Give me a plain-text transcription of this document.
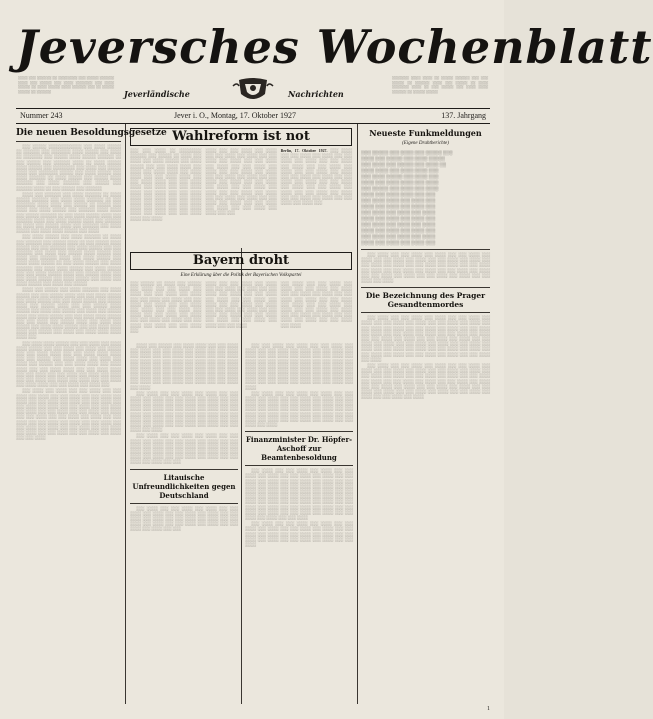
Jeversches Wochenblatt
░░░░ ░░░ ░░░░░░ ░░ ░░░░░░░░ ░░░ ░░░░░ ░░░░░░ ░░░░ ░░░ ░░░░░ ░░░ ░░░░ ░░░░░░░ ░░░ ░░░░ ░░░░░ ░░ ░░░░ ░░░░░ ░░░░ ░░░░░░ ░░░ ░░ ░░░░░ ░░░░░ ░░ ░░░░░░
░░░░░░░ ░░░░ ░░░░ ░░ ░░░░░ ░░░░░░ ░░░ ░░░ ░░░░░ ░░ ░░░░░░ ░░░░ ░░░ ░░░░░ ░░ ░░░░ ░░░░░░░ ░░░░ ░░ ░░░ ░░░░░ ░░░ ░░░░ ░░░░ ░░░░░░ ░░ ░░░░░ ░░░░░
Jeverländische	Nachrichten
Nummer 243	Jever i. O., Montag, 17. Oktober 1927	137. Jahrgang
Die neuen Besoldungsgesetze

░░░ ░░░░░ ░░░░░░░░░░░░ ░░░ ░░░░ ░░░░░ ░░ ░░░░░░ ░░░ ░░░░░░░ ░░░░ ░░░░░ ░░░ ░░░░ ░░ ░░░░░░░ ░░░ ░░░░░ ░░░░ ░░░░░ ░░░░░░ ░░ ░░░ ░░░░░ ░░░ ░░░░░░ ░░░░ ░░ ░░░░ ░░░░░ ░░░░ ░░░░░ ░░░ ░░░░░░░░ ░░░ ░░░░ ░░░ ░░░░░ ░░░░ ░░░ ░░░░░░░ ░░░░░ ░░░ ░░░░ ░░░░░ ░░░ ░░░░ ░░░░░░ ░░ ░░░░ ░░░░░ ░░░ ░░░░░ ░░░░ ░░░░░░ ░░░ ░░░░ ░░░░░░ ░░░ ░░░░░ ░░░ ░░░░░░ ░░░░ ░░ ░░░ ░░░░░ ░░░ ░░░░░░

░░░░ ░░░ ░░░░░░ ░░░ ░░░░ ░░░░░░ ░░ ░░░░ ░░░░░ ░░░░░░ ░░░ ░░░░ ░░░░ ░░░░░░ ░░ ░░░ ░░░░░░░ ░░░░ ░░░░ ░░░ ░░░░░ ░░ ░░░░░ ░░░ ░░░░ ░░░ ░░░░ ░░░░░ ░░░ ░░░░░░ ░░░░ ░░░░ ░░░ ░░░░░ ░░░░░░ ░░ ░░░ ░░░░ ░░░░░ ░░░░ ░░░ ░░░░░░ ░░░░ ░░░ ░░░░ ░░░░░ ░░░░ ░░░ ░░░░░░ ░░ ░░░░ ░░░ ░░░░░ ░░░░ ░░░ ░░░░░░ ░░░ ░░░░ ░░░░░ ░░░ ░░░░ ░░░░ ░░░░░ ░░░ ░░░░

░░░ ░░░░ ░░░░░ ░░░ ░░░░ ░░░░░░ ░░ ░░░░ ░░░ ░░░░░░ ░░░ ░░░░░ ░░░░ ░░ ░░░ ░░░░░ ░░░░ ░░░░░ ░░░ ░░░ ░░░░░░ ░░░ ░░░░ ░░░░░ ░░░ ░░░ ░░░░░░ ░░░ ░░░░ ░░░ ░░░░░ ░░░░ ░░░░░ ░░░ ░░░░ ░░░ ░░░░░░ ░░░░ ░░░ ░░░░ ░░░░░ ░░░ ░░░░ ░░░░ ░░░░░ ░░ ░░░ ░░░░ ░░░░░ ░░░ ░░░░ ░░░░░░ ░░░ ░░░░ ░░░░ ░░░░░ ░░░ ░░░░ ░░░░░ ░░░ ░░░ ░░░░ ░░░░░ ░░░░ ░░░ ░░░░░ ░░░░ ░░░ ░░░ ░░░░ ░░░░░ ░░░ ░░░░ ░░░░░ ░░░ ░░░░ ░░░ ░░░░ ░░░░░ ░░░ ░░░░ ░░░ ░░░░░

░░░░ ░░░ ░░░░░ ░░░ ░░░░ ░░░░░░ ░░░ ░░░░ ░░░░░ ░░░ ░░░ ░░░░░ ░░░░ ░░░ ░░░ ░░░░ ░░░░░ ░░░ ░░░░ ░░░░░ ░░░ ░░░ ░░░░ ░░░░░ ░░░ ░░░░░ ░░░░ ░░░ ░░░░░ ░░░░ ░░░ ░░░ ░░░░░ ░░░░ ░░░░░ ░░░ ░░░░ ░░░ ░░░░░ ░░░ ░░░░ ░░░ ░░░░░ ░░░░ ░░░ ░░░░ ░░░░░ ░░░ ░░░ ░░░░ ░░░░ ░░░░░ ░░░ ░░░ ░░░░ ░░░ ░░░░░ ░░░░ ░░░ ░░░░ ░░░ ░░░░░ ░░░ ░░░░ ░░░░ ░░░░░ ░░░ ░░░ ░░░░ ░░░░ ░░░░ ░░░ ░░░░░ ░░░ ░░░░ ░░░ ░░░░ ░░░░ ░░░░ ░░░░ ░░░

░░░ ░░░░ ░░░░ ░░░░░ ░░░ ░░░ ░░░░ ░░░ ░░░░ ░░░░ ░░░░░ ░░░ ░░░ ░░░░ ░░░ ░░░░ ░░░ ░░░░░ ░░░ ░░░ ░░░░ ░░░░ ░░░ ░░░ ░░░░ ░░░░ ░░░░ ░░░ ░░░ ░░░░░ ░░░ ░░░░ ░░░░ ░░░ ░░░░ ░░░ ░░░░ ░░░ ░░░░░ ░░░ ░░░ ░░░░ ░░░░ ░░░ ░░░░ ░░░░ ░░░ ░░░ ░░░░ ░░░░ ░░░ ░░░ ░░░░ ░░░░ ░░░ ░░░ ░░░░ ░░░ ░░░ ░░░░ ░░░ ░░░░ ░░░ ░░░░ ░░░ ░░░ ░░░░ ░░░ ░░░░ ░░░ ░░░░ ░░░ ░░░ ░░░░ ░░░ ░░░░ ░░░░ ░░░ ░░░ ░░░░ ░░░ ░░░░ ░░░

░░░ ░░░░ ░░░ ░░░░ ░░░ ░░░ ░░░░ ░░░ ░░░ ░░░░ ░░░ ░░░░ ░░░ ░░░ ░░░░ ░░░ ░░░ ░░░░ ░░░ ░░░░ ░░░ ░░░ ░░░░ ░░░ ░░░░ ░░░ ░░░ ░░░░ ░░░ ░░░ ░░░░ ░░░ ░░░░ ░░░ ░░░ ░░░░ ░░░ ░░░ ░░░░ ░░░ ░░░░ ░░░ ░░░ ░░░░ ░░░ ░░░ ░░░░ ░░░ ░░░░ ░░░ ░░░ ░░░░ ░░░ ░░░ ░░░░ ░░░ ░░░░ ░░░ ░░░ ░░░░ ░░░ ░░░ ░░░░ ░░░ ░░░░ ░░░ ░░░ ░░░░ ░░░ ░░░ ░░░░ ░░░ ░░░░ ░░░ ░░░ ░░░░ ░░░ ░░░ ░░░░ ░░░ ░░░░ ░░░ ░░░ ░░░░ ░░░ ░░░ ░░░░ ░░░ ░░░░ ░░░ ░░░ ░░░░

Wahlreform ist not

░░░ ░░░ ░░░░ ░░ ░░░░░░░░ ░░░░░░ ░░░ ░░░░░ ░░ ░░░░ ░░░ ░░░░ ░░░ ░░░░ ░░░░░ ░░░ ░░░░ ░░░░░ ░░░ ░░░ ░░░░ ░░░░ ░░░ ░░░░ ░░░ ░░░░ ░░░░ ░░░ ░░░░ ░░░░ ░░░ ░░░ ░░░░ ░░░░ ░░░ ░░░ ░░░░ ░░░░ ░░░ ░░░ ░░░░ ░░░░ ░░░ ░░░░ ░░░ ░░░ ░░░░ ░░░░ ░░░ ░░░░ ░░░ ░░░ ░░░░ ░░░░ ░░░ ░░░░ ░░░ ░░░ ░░░░ ░░░░ ░░░ ░░░░ ░░░ ░░░ ░░░░ ░░░░ ░░░ ░░░░ ░░░ ░░░ ░░░░ ░░░░ ░░░ ░░░░ ░░░ ░░░ ░░░░ ░░░░ ░░░ ░░░░

░░░░ ░░░ ░░░ ░░░░ ░░░ ░░░░ ░░░ ░░░ ░░░░ ░░░ ░░░░ ░░░ ░░░ ░░░░ ░░░ ░░░░ ░░░ ░░░ ░░░░ ░░░ ░░░░ ░░░ ░░░ ░░░░ ░░░ ░░░░ ░░░ ░░░ ░░░░ ░░░ ░░░░ ░░░ ░░░ ░░░░ ░░░ ░░░░ ░░░ ░░░ ░░░░ ░░░ ░░░░ ░░░ ░░░ ░░░░ ░░░ ░░░░ ░░░ ░░░ ░░░░ ░░░ ░░░░ ░░░ ░░░ ░░░░ ░░░ ░░░░ ░░░ ░░░ ░░░░ ░░░ ░░░░ ░░░ ░░░ ░░░░ ░░░ ░░░░ ░░░ ░░░ ░░░░ ░░░ ░░░░ ░░░ ░░░ ░░░░ ░░░ ░░░░ ░░░ ░░░

Berlin, 17. Oktober 1927. ░░░ ░░░░ ░░░ ░░░ ░░░░ ░░░ ░░░░ ░░░ ░░░ ░░░░ ░░░ ░░░░ ░░░ ░░░ ░░░░ ░░░ ░░░░ ░░░ ░░░ ░░░░ ░░░ ░░░░ ░░░ ░░░ ░░░░ ░░░ ░░░░ ░░░ ░░░ ░░░░ ░░░ ░░░░ ░░░ ░░░ ░░░░ ░░░ ░░░░ ░░░ ░░░ ░░░░ ░░░ ░░░░ ░░░ ░░░ ░░░░ ░░░ ░░░░ ░░░ ░░░ ░░░░ ░░░ ░░░░ ░░░ ░░░ ░░░░ ░░░ ░░░░ ░░░ ░░░ ░░░░ ░░░ ░░░░ ░░░

Bayern droht
Eine Erklärung über die Politik der Bayerischen Volkspartei

░░░ ░░░░░ ░░ ░░░░ ░░░ ░░░░░ ░░░ ░░░░ ░░░ ░░░ ░░░░ ░░░ ░░░░ ░░░ ░░░ ░░░░ ░░░ ░░░░ ░░░ ░░░ ░░░░ ░░░ ░░░░ ░░░ ░░░ ░░░░ ░░░ ░░░░ ░░░ ░░░ ░░░░ ░░░ ░░░░ ░░░ ░░░ ░░░░ ░░░ ░░░░ ░░░ ░░░ ░░░░ ░░░ ░░░░ ░░░ ░░░ ░░░░ ░░░ ░░░░ ░░░ ░░░ ░░░░ ░░░ ░░░░ ░░░ ░░░ ░░░░ ░░░

░░░░ ░░░ ░░░ ░░░░ ░░░ ░░░░ ░░░ ░░░ ░░░░ ░░░ ░░░░ ░░░ ░░░ ░░░░ ░░░ ░░░░ ░░░ ░░░ ░░░░ ░░░ ░░░░ ░░░ ░░░ ░░░░ ░░░ ░░░░ ░░░ ░░░ ░░░░ ░░░ ░░░░ ░░░ ░░░ ░░░░ ░░░ ░░░░ ░░░ ░░░ ░░░░ ░░░ ░░░░ ░░░ ░░░ ░░░░ ░░░ ░░░░ ░░░ ░░░ ░░░░ ░░░ ░░░░ ░░░ ░░░ ░░░░

░░░ ░░░░ ░░░ ░░░ ░░░░ ░░░ ░░░░ ░░░ ░░░ ░░░░ ░░░ ░░░░ ░░░ ░░░ ░░░░ ░░░ ░░░░ ░░░ ░░░ ░░░░ ░░░ ░░░░ ░░░ ░░░ ░░░░ ░░░ ░░░░ ░░░ ░░░ ░░░░ ░░░ ░░░░ ░░░ ░░░ ░░░░ ░░░ ░░░░ ░░░ ░░░ ░░░░ ░░░ ░░░░ ░░░ ░░░ ░░░░ ░░░ ░░░░ ░░░ ░░░ ░░░░ ░░░ ░░░░

░░░░ ░░░ ░░░░░ ░░░ ░░░░ ░░░░ ░░░ ░░░ ░░░░ ░░░ ░░░░ ░░░ ░░░ ░░░░ ░░░ ░░░░ ░░░ ░░░ ░░░░ ░░░ ░░░░ ░░░ ░░░ ░░░░ ░░░ ░░░░ ░░░ ░░░ ░░░░ ░░░ ░░░░ ░░░ ░░░ ░░░░ ░░░ ░░░░ ░░░ ░░░ ░░░░ ░░░ ░░░░ ░░░ ░░░ ░░░░ ░░░ ░░░░ ░░░ ░░░ ░░░░ ░░░ ░░░░ ░░░ ░░░ ░░░░ ░░░ ░░░░ ░░░ ░░░ ░░░░ ░░░ ░░░░ ░░░ ░░░ ░░░░ ░░░ ░░░░ ░░░ ░░░ ░░░░ ░░░ ░░░░ ░░░ ░░░ ░░░░ ░░░ ░░░░ ░░░ ░░░ ░░░░ ░░░ ░░░░

░░░ ░░░░ ░░░ ░░░ ░░░░ ░░░ ░░░░ ░░░ ░░░ ░░░░ ░░░ ░░░░ ░░░ ░░░ ░░░░ ░░░ ░░░░ ░░░ ░░░ ░░░░ ░░░ ░░░░ ░░░ ░░░ ░░░░ ░░░ ░░░░ ░░░ ░░░ ░░░░ ░░░ ░░░░ ░░░ ░░░ ░░░░ ░░░ ░░░░ ░░░ ░░░ ░░░░ ░░░ ░░░░ ░░░ ░░░ ░░░░ ░░░ ░░░░ ░░░ ░░░ ░░░░ ░░░ ░░░░ ░░░ ░░░ ░░░░ ░░░ ░░░░ ░░░ ░░░ ░░░░ ░░░ ░░░░ ░░░ ░░░ ░░░░ ░░░ ░░░░ ░░░ ░░░ ░░░░ ░░░ ░░░░

░░░ ░░░░ ░░░ ░░░ ░░░░ ░░░ ░░░░ ░░░ ░░░ ░░░░ ░░░ ░░░░ ░░░ ░░░ ░░░░ ░░░ ░░░░ ░░░ ░░░ ░░░░ ░░░ ░░░░ ░░░ ░░░ ░░░░ ░░░ ░░░░ ░░░ ░░░ ░░░░ ░░░ ░░░░ ░░░ ░░░ ░░░░ ░░░ ░░░░ ░░░ ░░░ ░░░░ ░░░ ░░░░ ░░░ ░░░ ░░░░ ░░░ ░░░░ ░░░ ░░░ ░░░░ ░░░ ░░░░ ░░░ ░░░

Litauische Unfreundlichkeiten gegen Deutschland

░░░ ░░░░ ░░░ ░░░ ░░░░ ░░░ ░░░░ ░░░ ░░░ ░░░░ ░░░ ░░░░ ░░░ ░░░ ░░░░ ░░░ ░░░░ ░░░ ░░░ ░░░░ ░░░ ░░░░ ░░░ ░░░ ░░░░ ░░░ ░░░░ ░░░ ░░░ ░░░░ ░░░ ░░░░ ░░░ ░░░ ░░░░ ░░░ ░░░░ ░░░ ░░░ ░░░░ ░░░ ░░░░ ░░░ ░░░

░░░ ░░░ ░░░░ ░░░ ░░░░ ░░░ ░░░ ░░░░ ░░░ ░░░░ ░░░ ░░░ ░░░░ ░░░ ░░░░ ░░░ ░░░ ░░░░ ░░░ ░░░░ ░░░ ░░░ ░░░░ ░░░ ░░░░ ░░░ ░░░ ░░░░ ░░░ ░░░░ ░░░ ░░░ ░░░░ ░░░ ░░░░ ░░░ ░░░ ░░░░ ░░░ ░░░░ ░░░ ░░░ ░░░░ ░░░ ░░░░ ░░░ ░░░ ░░░░ ░░░ ░░░░ ░░░ ░░░ ░░░░ ░░░ ░░░░ ░░░ ░░░ ░░░░ ░░░ ░░░░ ░░░ ░░░ ░░░░ ░░░ ░░░░ ░░░ ░░░ ░░░░ ░░░ ░░░░ ░░░ ░░░ ░░░░ ░░░ ░░░░ ░░░ ░░░ ░░░░ ░░░ ░░░░

░░░ ░░░░ ░░░ ░░░ ░░░░ ░░░ ░░░░ ░░░ ░░░ ░░░░ ░░░ ░░░░ ░░░ ░░░ ░░░░ ░░░ ░░░░ ░░░ ░░░ ░░░░ ░░░ ░░░░ ░░░ ░░░ ░░░░ ░░░ ░░░░ ░░░ ░░░ ░░░░ ░░░ ░░░░ ░░░ ░░░ ░░░░ ░░░ ░░░░ ░░░ ░░░ ░░░░ ░░░ ░░░░ ░░░ ░░░ ░░░░ ░░░ ░░░░ ░░░ ░░░ ░░░░ ░░░ ░░░░ ░░░ ░░░ ░░░░ ░░░ ░░░░ ░░░ ░░░ ░░░░ ░░░ ░░░░

Finanzminister Dr. Höpfer-Aschoff zur Beamtenbesoldung

░░░ ░░░░ ░░░ ░░░ ░░░░ ░░░ ░░░░ ░░░ ░░░ ░░░░ ░░░ ░░░░ ░░░ ░░░ ░░░░ ░░░ ░░░░ ░░░ ░░░ ░░░░ ░░░ ░░░░ ░░░ ░░░ ░░░░ ░░░ ░░░░ ░░░ ░░░ ░░░░ ░░░ ░░░░ ░░░ ░░░ ░░░░ ░░░ ░░░░ ░░░ ░░░ ░░░░ ░░░ ░░░░ ░░░ ░░░ ░░░░ ░░░ ░░░░ ░░░ ░░░ ░░░░ ░░░ ░░░░ ░░░ ░░░ ░░░░ ░░░ ░░░░ ░░░ ░░░ ░░░░ ░░░ ░░░░ ░░░ ░░░ ░░░░ ░░░ ░░░░ ░░░ ░░░ ░░░░ ░░░ ░░░░ ░░░ ░░░ ░░░░ ░░░ ░░░░ ░░░ ░░░ ░░░░ ░░░ ░░░░ ░░░ ░░░ ░░░░ ░░░ ░░░░ ░░░ ░░░ ░░░░ ░░░ ░░░░ ░░░ ░░░ ░░░░

░░░ ░░░░ ░░░ ░░░ ░░░░ ░░░ ░░░░ ░░░ ░░░ ░░░░ ░░░ ░░░░ ░░░ ░░░ ░░░░ ░░░ ░░░░ ░░░ ░░░ ░░░░ ░░░ ░░░░ ░░░ ░░░ ░░░░ ░░░ ░░░░ ░░░ ░░░ ░░░░ ░░░ ░░░░ ░░░ ░░░ ░░░░ ░░░ ░░░░ ░░░ ░░░ ░░░░

Neueste Funkmeldungen
(Eigene Drahtberichte)
░░░ ░░░░░ ░░░ ░░░░ ░░░ ░░░░░ ░░░
░░░░ ░░░ ░░░░░ ░░░ ░░░░ ░░░░░
░░░ ░░░░ ░░░ ░░░░░ ░░░ ░░░░ ░░
░░░░ ░░░░ ░░░ ░░░░ ░░░░ ░░░
░░░ ░░░░ ░░░░░ ░░░ ░░░░ ░░░
░░░░ ░░░ ░░░░ ░░░░ ░░░ ░░░░
░░░ ░░░░░ ░░░ ░░░░ ░░░ ░░░░
░░░░ ░░░ ░░░░ ░░░░ ░░░ ░░░
░░░ ░░░░ ░░░░ ░░░ ░░░░ ░░░
░░░░ ░░░ ░░░░ ░░░ ░░░░ ░░░
░░░ ░░░░ ░░░ ░░░░ ░░░ ░░░░
░░░░ ░░░ ░░░░ ░░░ ░░░░ ░░░
░░░ ░░░░ ░░░ ░░░░ ░░░ ░░░░
░░░░ ░░░ ░░░░ ░░░ ░░░░ ░░░
░░░ ░░░░ ░░░ ░░░░ ░░░ ░░░░
░░░░ ░░░ ░░░░ ░░░ ░░░░ ░░░

░░░ ░░░░ ░░░ ░░░ ░░░░ ░░░ ░░░░ ░░░ ░░░ ░░░░ ░░░ ░░░░ ░░░ ░░░ ░░░░ ░░░ ░░░░ ░░░ ░░░ ░░░░ ░░░ ░░░░ ░░░ ░░░ ░░░░ ░░░ ░░░░ ░░░ ░░░ ░░░░ ░░░ ░░░░ ░░░ ░░░ ░░░░ ░░░ ░░░░ ░░░ ░░░ ░░░░ ░░░ ░░░░ ░░░ ░░░ ░░░░ ░░░ ░░░░ ░░░ ░░░ ░░░░ ░░░ ░░░░ ░░░ ░░░ ░░░░ ░░░ ░░░░ ░░░ ░░░ ░░░░ ░░░ ░░░░

Die Bezeichnung des Prager Gesandtenmordes

░░░ ░░░░ ░░░ ░░░ ░░░░ ░░░ ░░░░ ░░░ ░░░ ░░░░ ░░░ ░░░░ ░░░ ░░░ ░░░░ ░░░ ░░░░ ░░░ ░░░ ░░░░ ░░░ ░░░░ ░░░ ░░░ ░░░░ ░░░ ░░░░ ░░░ ░░░ ░░░░ ░░░ ░░░░ ░░░ ░░░ ░░░░ ░░░ ░░░░ ░░░ ░░░ ░░░░ ░░░ ░░░░ ░░░ ░░░ ░░░░ ░░░ ░░░░ ░░░ ░░░ ░░░░ ░░░ ░░░░ ░░░ ░░░ ░░░░ ░░░ ░░░░ ░░░ ░░░ ░░░░ ░░░ ░░░░ ░░░ ░░░ ░░░░ ░░░ ░░░░ ░░░ ░░░ ░░░░ ░░░ ░░░░ ░░░ ░░░ ░░░░ ░░░ ░░░░ ░░░ ░░░ ░░░░ ░░░ ░░░░ ░░░ ░░░ ░░░░ ░░░ ░░░░ ░░░ ░░░ ░░░░ ░░░ ░░░░ ░░░ ░░░ ░░░░ ░░░ ░░░░

░░░ ░░░░ ░░░ ░░░ ░░░░ ░░░ ░░░░ ░░░ ░░░ ░░░░ ░░░ ░░░░ ░░░ ░░░ ░░░░ ░░░ ░░░░ ░░░ ░░░ ░░░░ ░░░ ░░░░ ░░░ ░░░ ░░░░ ░░░ ░░░░ ░░░ ░░░ ░░░░ ░░░ ░░░░ ░░░ ░░░ ░░░░ ░░░ ░░░░ ░░░ ░░░ ░░░░ ░░░ ░░░░ ░░░ ░░░ ░░░░ ░░░ ░░░░ ░░░ ░░░ ░░░░ ░░░ ░░░░ ░░░ ░░░ ░░░░ ░░░ ░░░░ ░░░ ░░░ ░░░░ ░░░ ░░░░ ░░░ ░░░ ░░░░ ░░░ ░░░░ ░░░ ░░░ ░░░░ ░░░ ░░░░ ░░░ ░░░ ░░░░ ░░░ ░░░░

1
